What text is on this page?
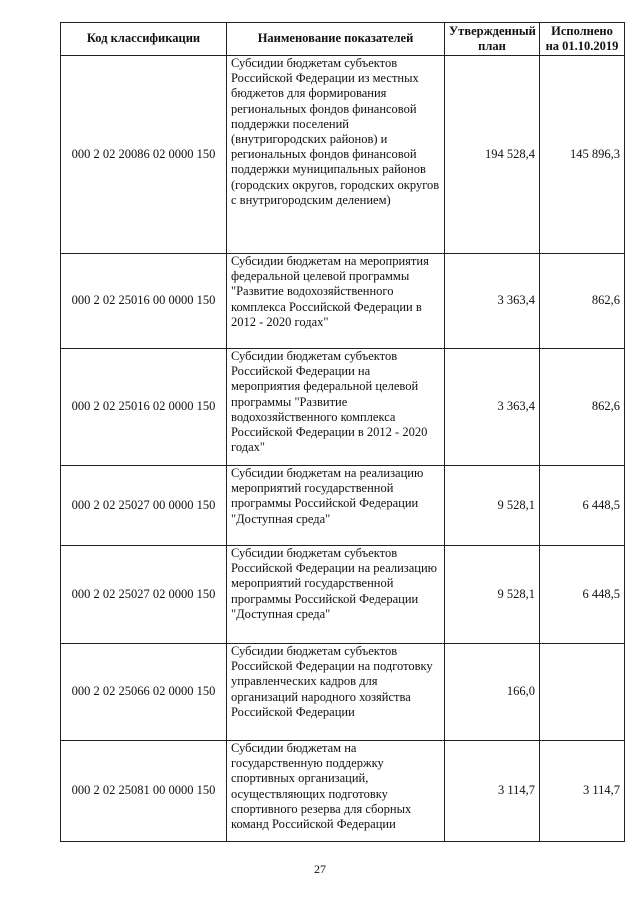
Код классификации	Наименование показателей	Утвержденный план	Исполнено на 01.10.2019
000 2 02 20086 02 0000 150	Субсидии бюджетам субъектов Российской Федерации из местных бюджетов для формирования региональных фондов финансовой поддержки поселений (внутригородских районов) и региональных фондов финансовой поддержки муниципальных районов (городских округов, городских округов с внутригородским делением)	194 528,4	145 896,3
000 2 02 25016 00 0000 150	Субсидии бюджетам на мероприятия федеральной целевой программы "Развитие водохозяйственного комплекса Российской Федерации в 2012 - 2020 годах"	3 363,4	862,6
000 2 02 25016 02 0000 150	Субсидии бюджетам субъектов Российской Федерации на мероприятия федеральной целевой программы "Развитие водохозяйственного комплекса Российской Федерации в 2012 - 2020 годах"	3 363,4	862,6
000 2 02 25027 00 0000 150	Субсидии бюджетам на реализацию мероприятий государственной программы Российской Федерации "Доступная среда"	9 528,1	6 448,5
000 2 02 25027 02 0000 150	Субсидии бюджетам субъектов Российской Федерации на реализацию мероприятий государственной программы Российской Федерации "Доступная среда"	9 528,1	6 448,5
000 2 02 25066 02 0000 150	Субсидии бюджетам субъектов Российской Федерации на подготовку управленческих кадров для организаций народного хозяйства Российской Федерации	166,0	
000 2 02 25081 00 0000 150	Субсидии бюджетам на государственную поддержку спортивных организаций, осуществляющих подготовку спортивного резерва для сборных команд Российской Федерации	3 114,7	3 114,7
27
